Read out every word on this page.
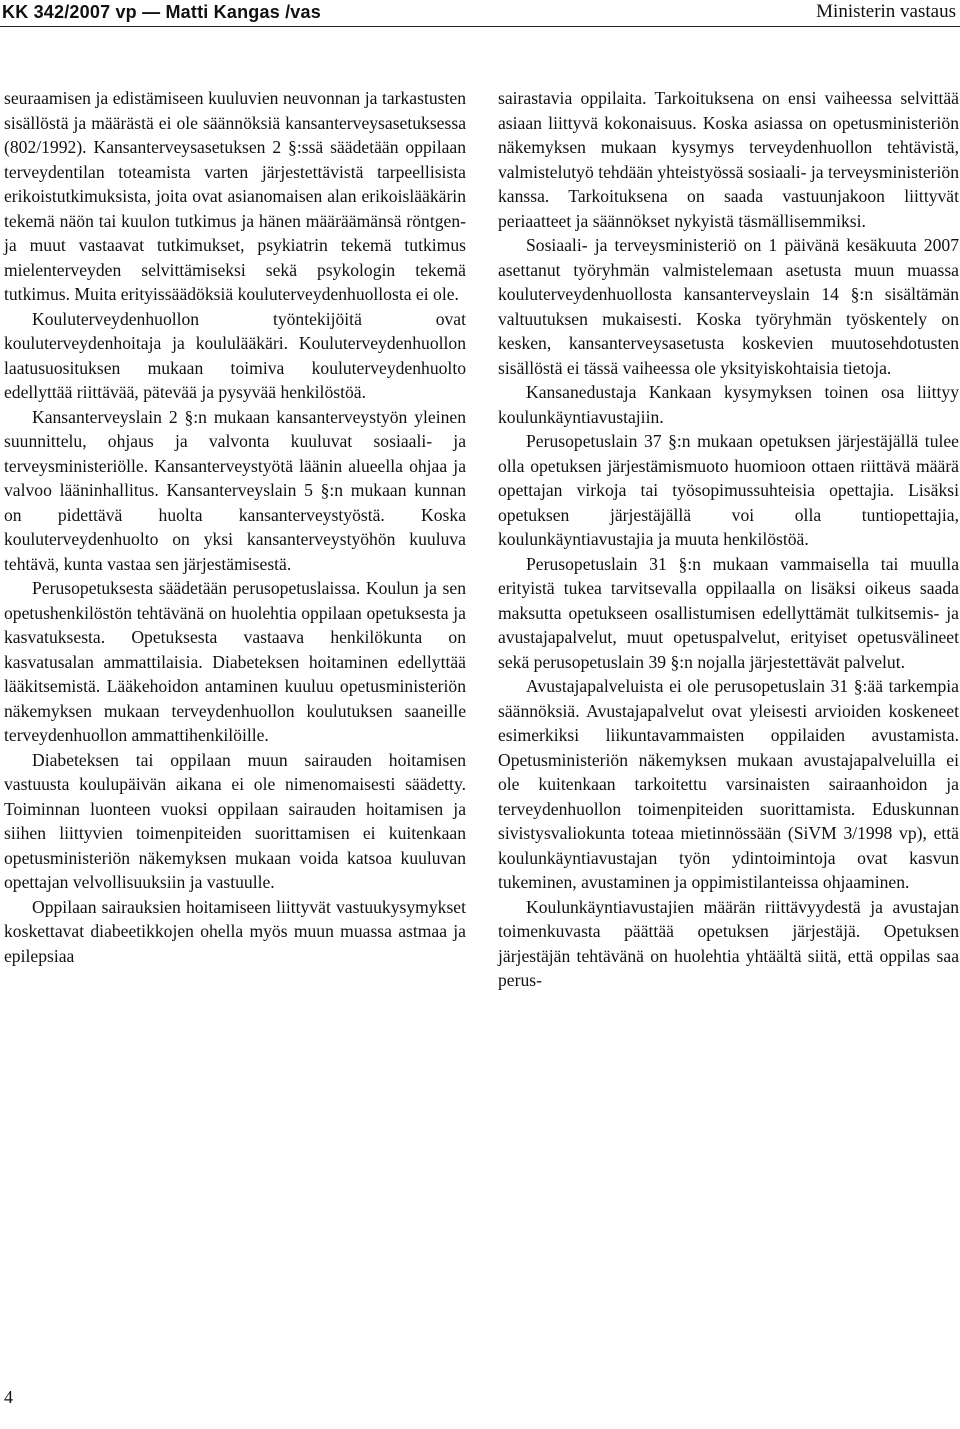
KK 342/2007 vp — Matti Kangas /vas	Ministerin vastaus

seuraamisen ja edistämiseen kuuluvien neuvonnan ja tarkastusten sisällöstä ja määrästä ei ole säännöksiä kansanterveysasetuksessa (802/1992). Kansanterveysasetuksen 2 §:ssä säädetään oppilaan terveydentilan toteamista varten järjestettävistä tarpeellisista erikoistutkimuksista, joita ovat asianomaisen alan erikoislääkärin tekemä näön tai kuulon tutkimus ja hänen määräämänsä röntgen- ja muut vastaavat tutkimukset, psykiatrin tekemä tutkimus mielenterveyden selvittämiseksi sekä psykologin tekemä tutkimus. Muita erityissäädöksiä kouluterveydenhuollosta ei ole.

Kouluterveydenhuollon työntekijöitä ovat kouluterveydenhoitaja ja koululääkäri. Kouluterveydenhuollon laatusuosituksen mukaan toimiva kouluterveydenhuolto edellyttää riittävää, pätevää ja pysyvää henkilöstöä.

Kansanterveyslain 2 §:n mukaan kansanterveystyön yleinen suunnittelu, ohjaus ja valvonta kuuluvat sosiaali- ja terveysministeriölle. Kansanterveystyötä läänin alueella ohjaa ja valvoo lääninhallitus. Kansanterveyslain 5 §:n mukaan kunnan on pidettävä huolta kansanterveystyöstä. Koska kouluterveydenhuolto on yksi kansanterveystyöhön kuuluva tehtävä, kunta vastaa sen järjestämisestä.

Perusopetuksesta säädetään perusopetuslaissa. Koulun ja sen opetushenkilöstön tehtävänä on huolehtia oppilaan opetuksesta ja kasvatuksesta. Opetuksesta vastaava henkilökunta on kasvatusalan ammattilaisia. Diabeteksen hoitaminen edellyttää lääkitsemistä. Lääkehoidon antaminen kuuluu opetusministeriön näkemyksen mukaan terveydenhuollon koulutuksen saaneille terveydenhuollon ammattihenkilöille.

Diabeteksen tai oppilaan muun sairauden hoitamisen vastuusta koulupäivän aikana ei ole nimenomaisesti säädetty. Toiminnan luonteen vuoksi oppilaan sairauden hoitamisen ja siihen liittyvien toimenpiteiden suorittamisen ei kuitenkaan opetusministeriön näkemyksen mukaan voida katsoa kuuluvan opettajan velvollisuuksiin ja vastuulle.

Oppilaan sairauksien hoitamiseen liittyvät vastuukysymykset koskettavat diabeetikkojen ohella myös muun muassa astmaa ja epilepsiaa

sairastavia oppilaita. Tarkoituksena on ensi vaiheessa selvittää asiaan liittyvä kokonaisuus. Koska asiassa on opetusministeriön näkemyksen mukaan kysymys terveydenhuollon tehtävistä, valmistelutyö tehdään yhteistyössä sosiaali- ja terveysministeriön kanssa. Tarkoituksena on saada vastuunjakoon liittyvät periaatteet ja säännökset nykyistä täsmällisemmiksi.

Sosiaali- ja terveysministeriö on 1 päivänä kesäkuuta 2007 asettanut työryhmän valmistelemaan asetusta muun muassa kouluterveydenhuollosta kansanterveyslain 14 §:n sisältämän valtuutuksen mukaisesti. Koska työryhmän työskentely on kesken, kansanterveysasetusta koskevien muutosehdotusten sisällöstä ei tässä vaiheessa ole yksityiskohtaisia tietoja.

Kansanedustaja Kankaan kysymyksen toinen osa liittyy koulunkäyntiavustajiin.

Perusopetuslain 37 §:n mukaan opetuksen järjestäjällä tulee olla opetuksen järjestämismuoto huomioon ottaen riittävä määrä opettajan virkoja tai työsopimussuhteisia opettajia. Lisäksi opetuksen järjestäjällä voi olla tuntiopettajia, koulunkäyntiavustajia ja muuta henkilöstöä.

Perusopetuslain 31 §:n mukaan vammaisella tai muulla erityistä tukea tarvitsevalla oppilaalla on lisäksi oikeus saada maksutta opetukseen osallistumisen edellyttämät tulkitsemis- ja avustajapalvelut, muut opetuspalvelut, erityiset opetusvälineet sekä perusopetuslain 39 §:n nojalla järjestettävät palvelut.

Avustajapalveluista ei ole perusopetuslain 31 §:ää tarkempia säännöksiä. Avustajapalvelut ovat yleisesti arvioiden koskeneet esimerkiksi liikuntavammaisten oppilaiden avustamista. Opetusministeriön näkemyksen mukaan avustajapalveluilla ei ole kuitenkaan tarkoitettu varsinaisten sairaanhoidon ja terveydenhuollon toimenpiteiden suorittamista. Eduskunnan sivistysvaliokunta toteaa mietinnössään (SiVM 3/1998 vp), että koulunkäyntiavustajan työn ydintoimintoja ovat kasvun tukeminen, avustaminen ja oppimistilanteissa ohjaaminen.

Koulunkäyntiavustajien määrän riittävyydestä ja avustajan toimenkuvasta päättää opetuksen järjestäjä. Opetuksen järjestäjän tehtävänä on huolehtia yhtäältä siitä, että oppilas saa perus-

4
